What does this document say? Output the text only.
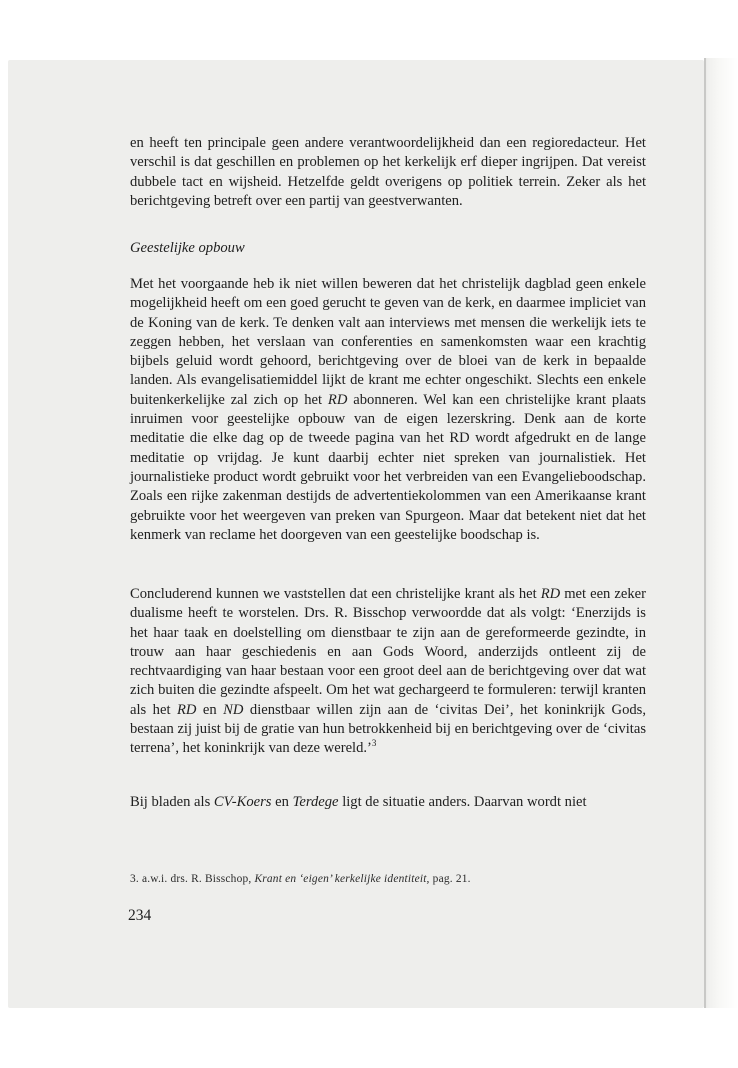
en heeft ten principale geen andere verantwoordelijkheid dan een regioredacteur. Het verschil is dat geschillen en problemen op het kerkelijk erf dieper ingrijpen. Dat vereist dubbele tact en wijsheid. Hetzelfde geldt overigens op politiek terrein. Zeker als het berichtgeving betreft over een partij van geestverwanten.

Geestelijke opbouw

Met het voorgaande heb ik niet willen beweren dat het christelijk dagblad geen enkele mogelijkheid heeft om een goed gerucht te geven van de kerk, en daarmee impliciet van de Koning van de kerk. Te denken valt aan interviews met mensen die werkelijk iets te zeggen hebben, het verslaan van conferenties en samenkomsten waar een krachtig bijbels geluid wordt gehoord, berichtgeving over de bloei van de kerk in bepaalde landen. Als evangelisatiemiddel lijkt de krant me echter ongeschikt. Slechts een enkele buitenkerkelijke zal zich op het RD abonneren. Wel kan een christelijke krant plaats inruimen voor geestelijke opbouw van de eigen lezerskring. Denk aan de korte meditatie die elke dag op de tweede pagina van het RD wordt afgedrukt en de lange meditatie op vrijdag. Je kunt daarbij echter niet spreken van journalistiek. Het journalistieke product wordt gebruikt voor het verbreiden van een Evangelieboodschap. Zoals een rijke zakenman destijds de advertentiekolommen van een Amerikaanse krant gebruikte voor het weergeven van preken van Spurgeon. Maar dat betekent niet dat het kenmerk van reclame het doorgeven van een geestelijke boodschap is.

Concluderend kunnen we vaststellen dat een christelijke krant als het RD met een zeker dualisme heeft te worstelen. Drs. R. Bisschop verwoordde dat als volgt: ‘Enerzijds is het haar taak en doelstelling om dienstbaar te zijn aan de gereformeerde gezindte, in trouw aan haar geschiedenis en aan Gods Woord, anderzijds ontleent zij de rechtvaardiging van haar bestaan voor een groot deel aan de berichtgeving over dat wat zich buiten die gezindte afspeelt. Om het wat gechargeerd te formuleren: terwijl kranten als het RD en ND dienstbaar willen zijn aan de ‘civitas Dei’, het koninkrijk Gods, bestaan zij juist bij de gratie van hun betrokkenheid bij en berichtgeving over de ‘civitas terrena’, het koninkrijk van deze wereld.’$^3$

Bij bladen als CV-Koers en Terdege ligt de situatie anders. Daarvan wordt niet

3. a.w.i. drs. R. Bisschop, Krant en ‘eigen’ kerkelijke identiteit, pag. 21.
234
